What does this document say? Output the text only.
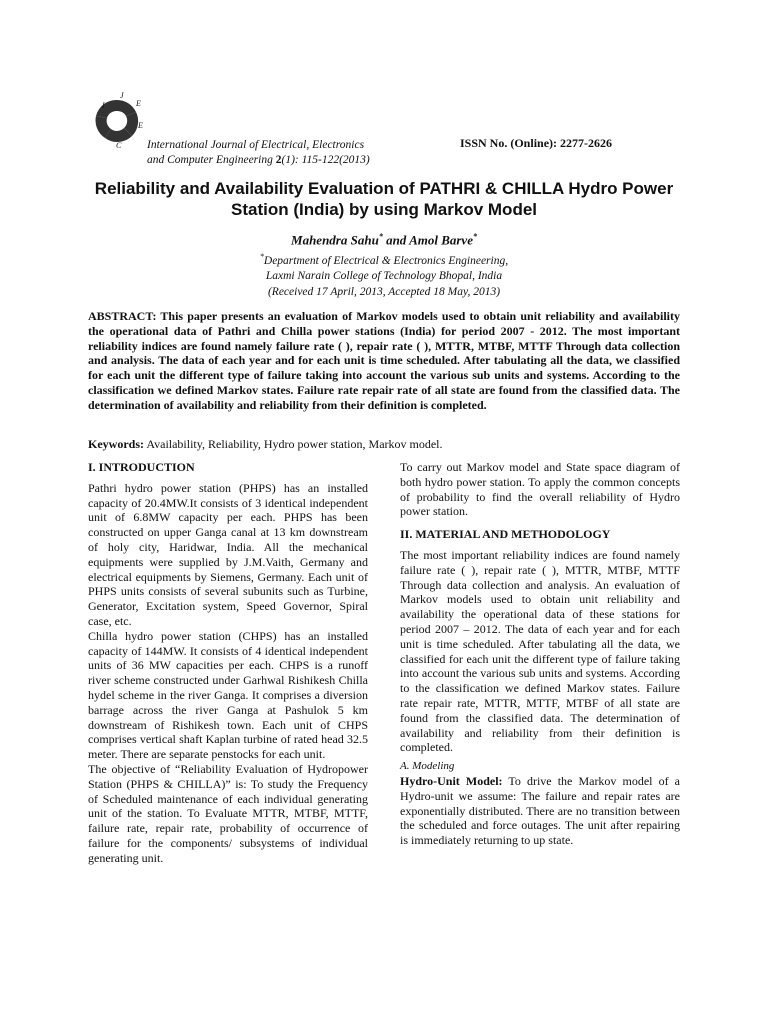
I
J
E
E
C International Journal of Electrical, Electronics
and Computer Engineering 2(1): 115-122(2013)
ISSN No. (Online): 2277-2626
Reliability and Availability Evaluation of PATHRI & CHILLA Hydro Power Station (India) by using Markov Model
Mahendra Sahu* and Amol Barve*
*Department of Electrical & Electronics Engineering,
Laxmi Narain College of Technology Bhopal, India
(Received 17 April, 2013, Accepted 18 May, 2013)
ABSTRACT: This paper presents an evaluation of Markov models used to obtain unit reliability and availability the operational data of Pathri and Chilla power stations (India) for period 2007 - 2012. The most important reliability indices are found namely failure rate ( ), repair rate ( ), MTTR, MTBF, MTTF Through data collection and analysis. The data of each year and for each unit is time scheduled. After tabulating all the data, we classified for each unit the different type of failure taking into account the various sub units and systems. According to the classification we defined Markov states. Failure rate repair rate of all state are found from the classified data. The determination of availability and reliability from their definition is completed.
Keywords: Availability, Reliability, Hydro power station, Markov model.
I. INTRODUCTION

Pathri hydro power station (PHPS) has an installed capacity of 20.4MW.It consists of 3 identical independent unit of 6.8MW capacity per each. PHPS has been constructed on upper Ganga canal at 13 km downstream of holy city, Haridwar, India. All the mechanical equipments were supplied by J.M.Vaith, Germany and electrical equipments by Siemens, Germany. Each unit of PHPS units consists of several subunits such as Turbine, Generator, Excitation system, Speed Governor, Spiral case, etc.

Chilla hydro power station (CHPS) has an installed capacity of 144MW. It consists of 4 identical independent units of 36 MW capacities per each. CHPS is a runoff river scheme constructed under Garhwal Rishikesh Chilla hydel scheme in the river Ganga. It comprises a diversion barrage across the river Ganga at Pashulok 5 km downstream of Rishikesh town. Each unit of CHPS comprises vertical shaft Kaplan turbine of rated head 32.5 meter. There are separate penstocks for each unit.

The objective of “Reliability Evaluation of Hydropower Station (PHPS & CHILLA)” is: To study the Frequency of Scheduled maintenance of each individual generating unit of the station. To Evaluate MTTR, MTBF, MTTF, failure rate, repair rate, probability of occurrence of failure for the components/ subsystems of individual generating unit.

To carry out Markov model and State space diagram of both hydro power station. To apply the common concepts of probability to find the overall reliability of Hydro power station.

II. MATERIAL AND METHODOLOGY

The most important reliability indices are found namely failure rate ( ), repair rate ( ), MTTR, MTBF, MTTF Through data collection and analysis. An evaluation of Markov models used to obtain unit reliability and availability the operational data of these stations for period 2007 – 2012. The data of each year and for each unit is time scheduled. After tabulating all the data, we classified for each unit the different type of failure taking into account the various sub units and systems. According to the classification we defined Markov states. Failure rate repair rate, MTTR, MTTF, MTBF of all state are found from the classified data. The determination of availability and reliability from their definition is completed.

A. Modeling

Hydro-Unit Model: To drive the Markov model of a Hydro-unit we assume: The failure and repair rates are exponentially distributed. There are no transition between the scheduled and force outages. The unit after repairing is immediately returning to up state.
